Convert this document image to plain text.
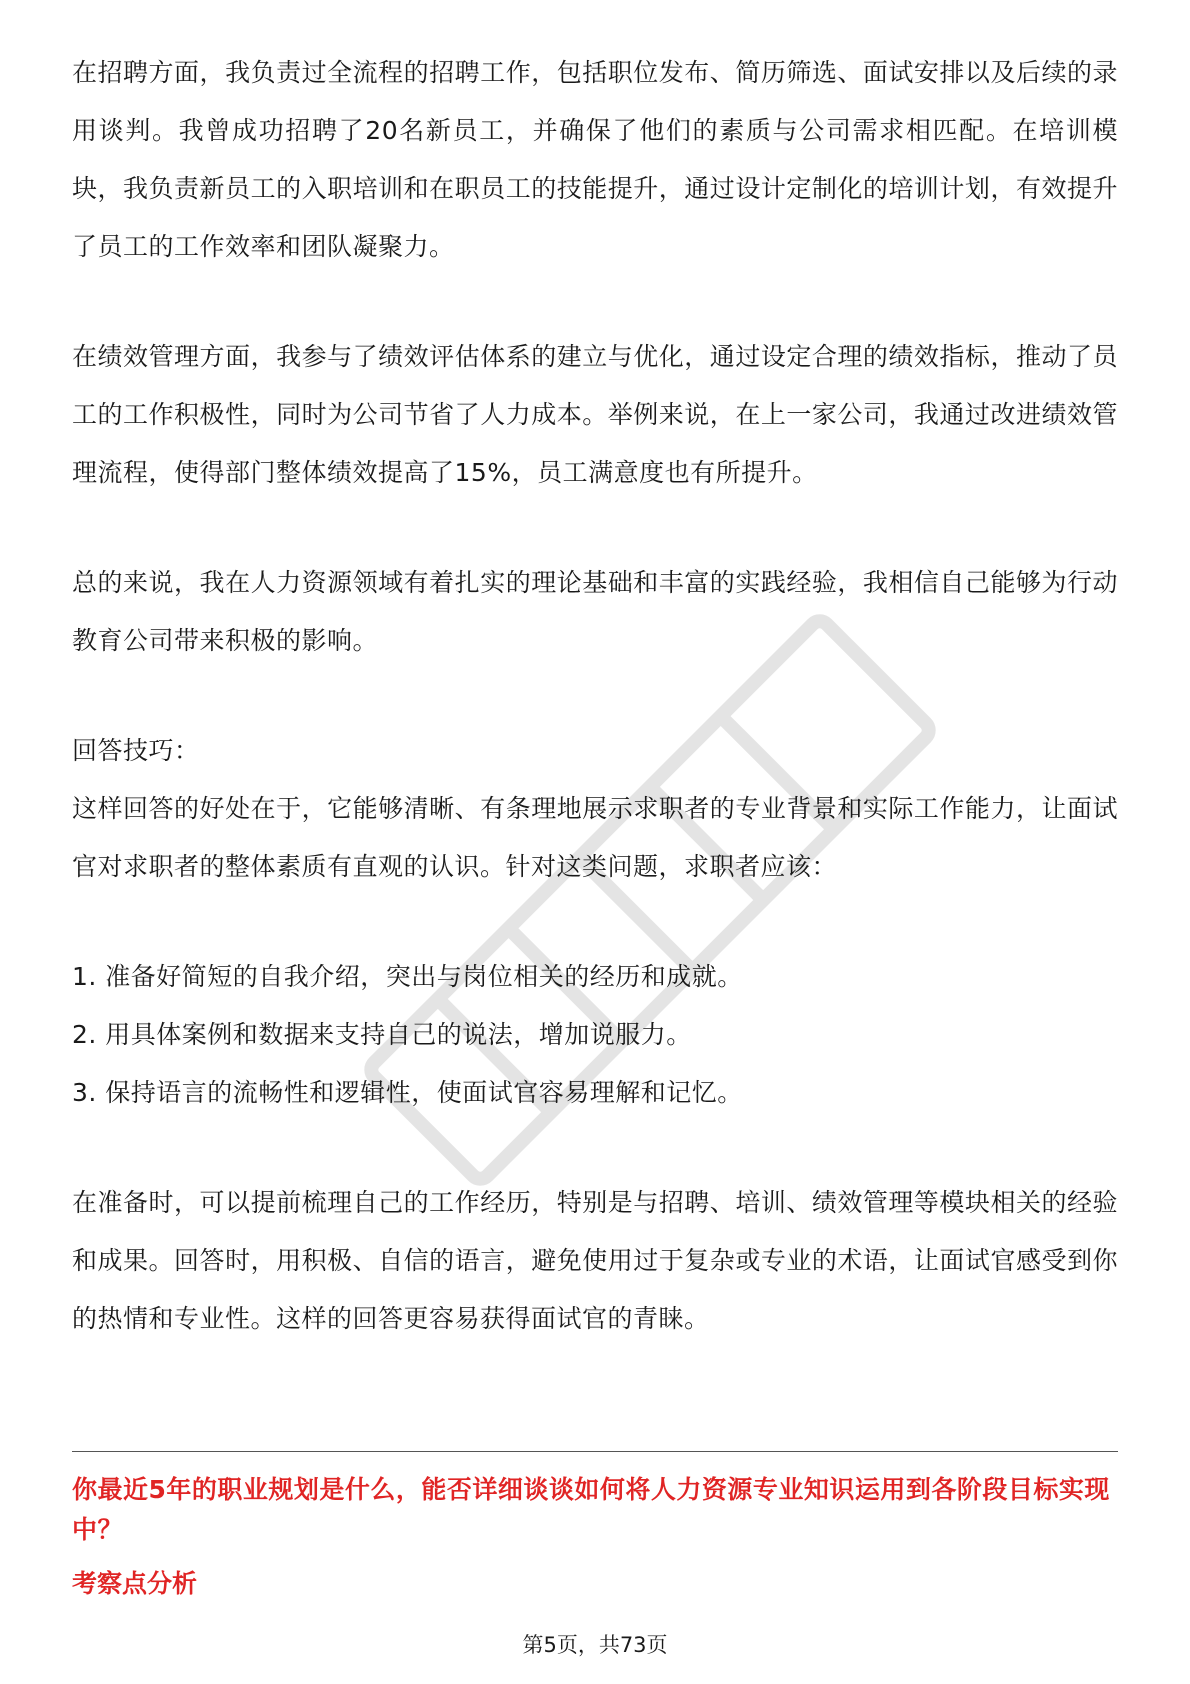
在招聘方面，我负责过全流程的招聘工作，包括职位发布、简历筛选、面试安排以及后续的录用谈判。我曾成功招聘了20名新员工，并确保了他们的素质与公司需求相匹配。在培训模块，我负责新员工的入职培训和在职员工的技能提升，通过设计定制化的培训计划，有效提升了员工的工作效率和团队凝聚力。

在绩效管理方面，我参与了绩效评估体系的建立与优化，通过设定合理的绩效指标，推动了员工的工作积极性，同时为公司节省了人力成本。举例来说，在上一家公司，我通过改进绩效管理流程，使得部门整体绩效提高了15%，员工满意度也有所提升。

总的来说，我在人力资源领域有着扎实的理论基础和丰富的实践经验，我相信自己能够为行动教育公司带来积极的影响。

回答技巧：

这样回答的好处在于，它能够清晰、有条理地展示求职者的专业背景和实际工作能力，让面试官对求职者的整体素质有直观的认识。针对这类问题，求职者应该：

1. 准备好简短的自我介绍，突出与岗位相关的经历和成就。

2. 用具体案例和数据来支持自己的说法，增加说服力。

3. 保持语言的流畅性和逻辑性，使面试官容易理解和记忆。

在准备时，可以提前梳理自己的工作经历，特别是与招聘、培训、绩效管理等模块相关的经验和成果。回答时，用积极、自信的语言，避免使用过于复杂或专业的术语，让面试官感受到你的热情和专业性。这样的回答更容易获得面试官的青睐。

你最近5年的职业规划是什么，能否详细谈谈如何将人力资源专业知识运用到各阶段目标实现中？

考察点分析

第5页，共73页
